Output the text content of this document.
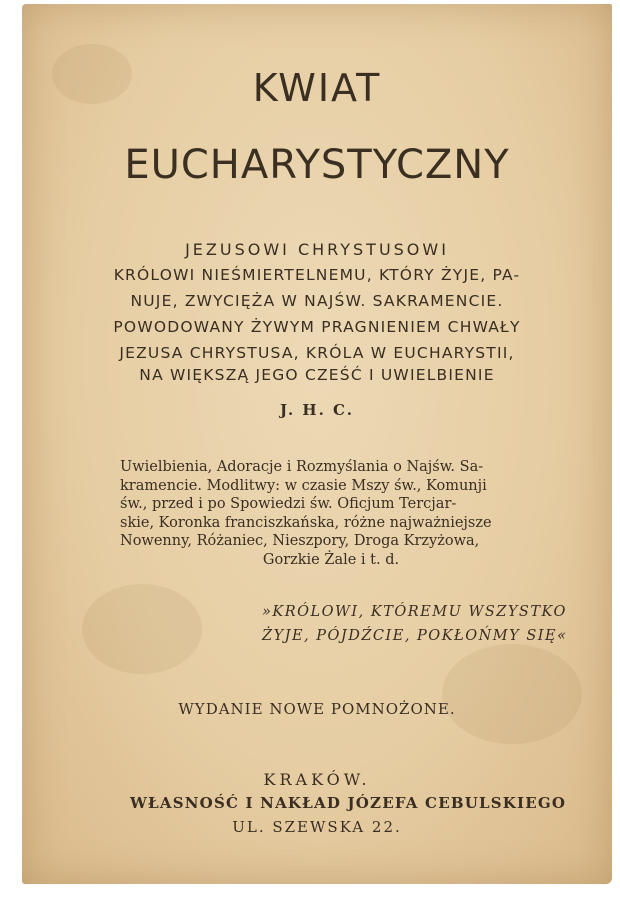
KWIAT
EUCHARYSTYCZNY
JEZUSOWI CHRYSTUSOWI
KRÓLOWI NIEŚMIERTELNEMU, KTÓRY ŻYJE, PA-
NUJE, ZWYCIĘŻA W NAJŚW. SAKRAMENCIE.
POWODOWANY ŻYWYM PRAGNIENIEM CHWAŁY
JEZUSA CHRYSTUSA, KRÓLA W EUCHARYSTII,
NA WIĘKSZĄ JEGO CZEŚĆ I UWIELBIENIE
J. H. C.
Uwielbienia, Adoracje i Rozmyślania o Najśw. Sa-
kramencie. Modlitwy: w czasie Mszy św., Komunji
św., przed i po Spowiedzi św. Oficjum Tercjar-
skie, Koronka franciszkańska, różne najważniejsze
Nowenny, Różaniec, Nieszpory, Droga Krzyżowa,
Gorzkie Żale i t. d.
»KRÓLOWI, KTÓREMU WSZYSTKO
ŻYJE, PÓJDŹCIE, POKŁOŃMY SIĘ«
WYDANIE NOWE POMNOŻONE.
KRAKÓW.
WŁASNOŚĆ I NAKŁAD JÓZEFA CEBULSKIEGO
UL. SZEWSKA 22.
